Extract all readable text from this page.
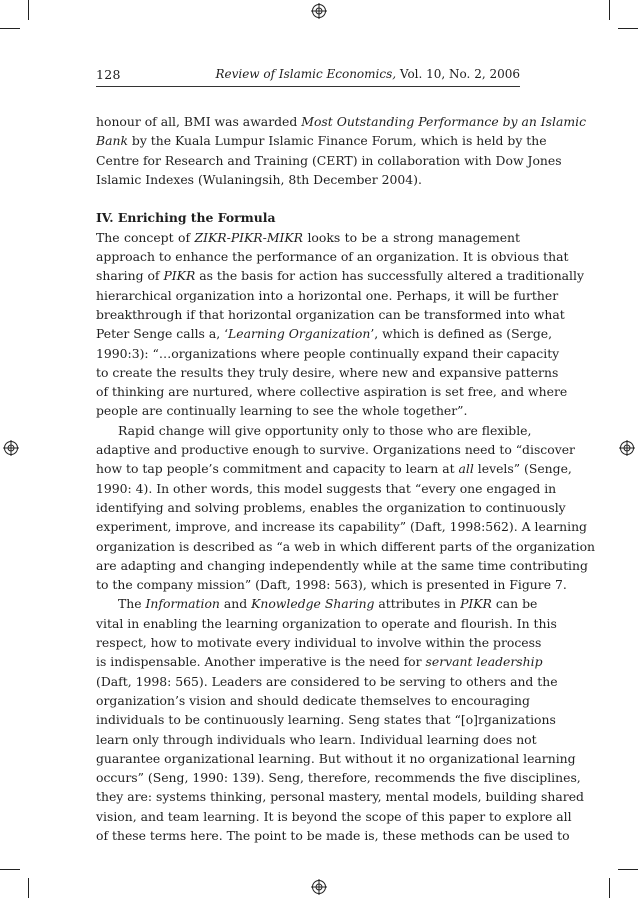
128	Review of Islamic Economics, Vol. 10, No. 2, 2006
honour of all, BMI was awarded Most Outstanding Performance by an Islamic
Bank by the Kuala Lumpur Islamic Finance Forum, which is held by the
Centre for Research and Training (CERT) in collaboration with Dow Jones
Islamic Indexes (Wulaningsih, 8th December 2004).
IV. Enriching the Formula
The concept of ZIKR-PIKR-MIKR looks to be a strong management
approach to enhance the performance of an organization. It is obvious that
sharing of PIKR as the basis for action has successfully altered a traditionally
hierarchical organization into a horizontal one. Perhaps, it will be further
breakthrough if that horizontal organization can be transformed into what
Peter Senge calls a, ‘Learning Organization’, which is defined as (Serge,
1990:3): “…organizations where people continually expand their capacity
to create the results they truly desire, where new and expansive patterns
of thinking are nurtured, where collective aspiration is set free, and where
people are continually learning to see the whole together”.
Rapid change will give opportunity only to those who are flexible,
adaptive and productive enough to survive. Organizations need to “discover
how to tap people’s commitment and capacity to learn at all levels” (Senge,
1990: 4). In other words, this model suggests that “every one engaged in
identifying and solving problems, enables the organization to continuously
experiment, improve, and increase its capability” (Daft, 1998:562). A learning
organization is described as “a web in which different parts of the organization
are adapting and changing independently while at the same time contributing
to the company mission” (Daft, 1998: 563), which is presented in Figure 7.
The Information and Knowledge Sharing attributes in PIKR can be
vital in enabling the learning organization to operate and flourish. In this
respect, how to motivate every individual to involve within the process
is indispensable. Another imperative is the need for servant leadership
(Daft, 1998: 565). Leaders are considered to be serving to others and the
organization’s vision and should dedicate themselves to encouraging
individuals to be continuously learning. Seng states that “[o]rganizations
learn only through individuals who learn. Individual learning does not
guarantee organizational learning. But without it no organizational learning
occurs” (Seng, 1990: 139). Seng, therefore, recommends the five disciplines,
they are: systems thinking, personal mastery, mental models, building shared
vision, and team learning. It is beyond the scope of this paper to explore all
of these terms here. The point to be made is, these methods can be used to
